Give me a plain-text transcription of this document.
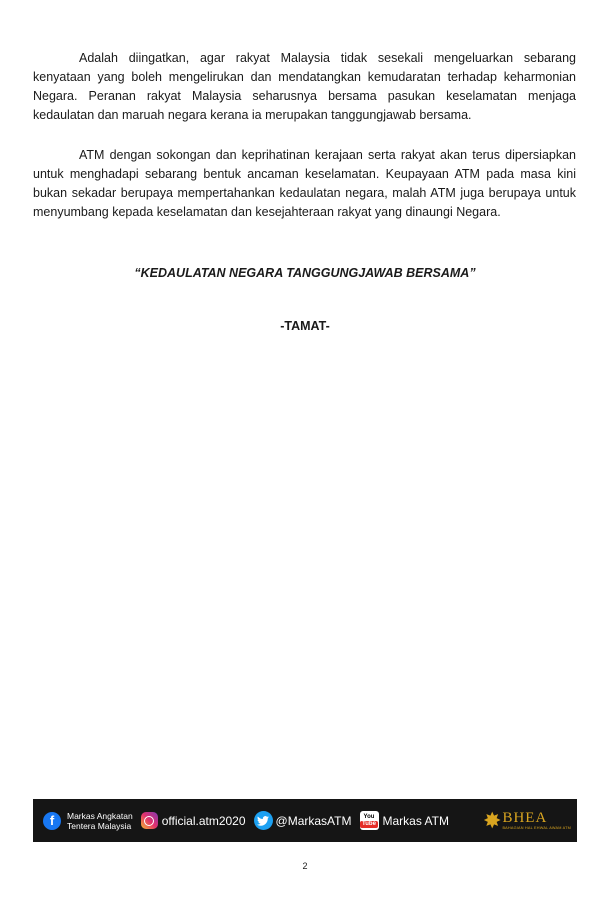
Adalah diingatkan, agar rakyat Malaysia tidak sesekali mengeluarkan sebarang kenyataan yang boleh mengelirukan dan mendatangkan kemudaratan terhadap keharmonian Negara. Peranan rakyat Malaysia seharusnya bersama pasukan keselamatan menjaga kedaulatan dan maruah negara kerana ia merupakan tanggungjawab bersama.

ATM dengan sokongan dan keprihatinan kerajaan serta rakyat akan terus dipersiapkan untuk menghadapi sebarang bentuk ancaman keselamatan. Keupayaan ATM pada masa kini bukan sekadar berupaya mempertahankan kedaulatan negara, malah ATM juga berupaya untuk menyumbang kepada keselamatan dan kesejahteraan rakyat yang dinaungi Negara.

“KEDAULATAN NEGARA TANGGUNGJAWAB BERSAMA”
-TAMAT-
f	Markas Angkatan
Tentera Malaysia	official.atm2020	@MarkasATM You
Tube Markas ATM ✸ BHEA
BAHAGIAN HAL EHWAL AWAM ATM
2
